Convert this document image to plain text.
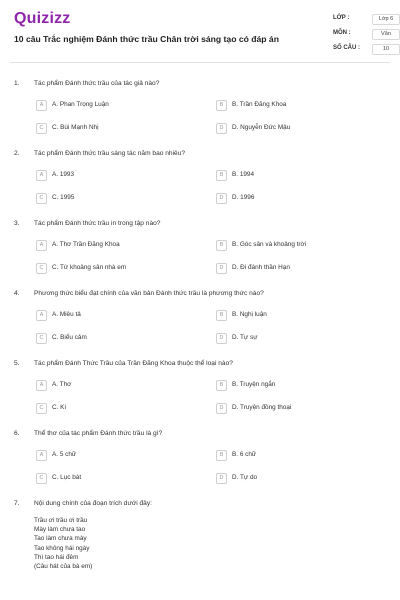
Quizizz
10 câu Trắc nghiệm Đánh thức trầu Chân trời sáng tạo có đáp án
LỚP :	Lớp 6
MÔN :	Văn
SỐ CÂU :	10
1. Tác phẩm Đánh thức trầu của tác giả nào?
A	A. Phan Trọng Luận	B	B. Trần Đăng Khoa
C	C. Bùi Mạnh Nhị	D	D. Nguyễn Đức Mậu
2. Tác phẩm Đánh thức trầu sáng tác năm bao nhiêu?
A	A. 1993	B	B. 1994
C	C. 1995	D	D. 1996
3. Tác phẩm Đánh thức trầu in trong tập nào?
A	A. Thơ Trần Đăng Khoa	B	B. Góc sân và khoảng trời
C	C. Từ khoảng sân nhà em	D	D. Đi đánh thần Hạn
4. Phương thức biểu đạt chính của văn bản Đánh thức trầu là phương thức nào?
A	A. Miêu tả	B	B. Nghị luận
C	C. Biểu cảm	D	D. Tự sự
5. Tác phẩm Đánh Thức Trầu của Trần Đăng Khoa thuộc thể loại nào?
A	A. Thơ	B	B. Truyện ngắn
C	C. Kí	D	D. Truyện đồng thoại
6. Thể thơ của tác phẩm Đánh thức trầu là gì?
A	A. 5 chữ	B	B. 6 chữ
C	C. Lục bát	D	D. Tự do
7. Nội dung chính của đoạn trích dưới đây:
Trầu ơi trầu ơi trầu
Mày làm chưa tao
Tao làm chưa mày
Tao không hái ngày
Thì tao hái đêm
(Câu hát của bà em)
